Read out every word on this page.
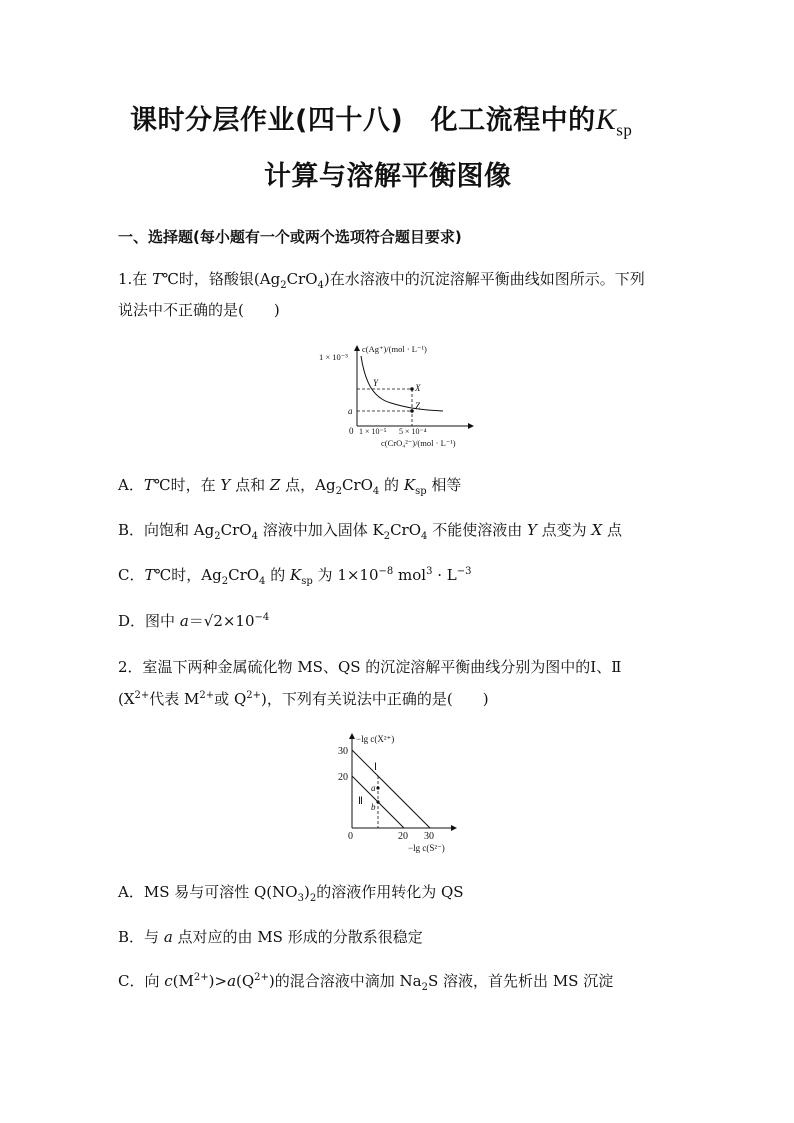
课时分层作业(四十八)　化工流程中的$K_{sp}$
计算与溶解平衡图像
一、选择题(每小题有一个或两个选项符合题目要求)
1.在 T℃时，铬酸银$(Ag_2CrO_4)$在水溶液中的沉淀溶解平衡曲线如图所示。下列
说法中不正确的是(　　)
c(Ag⁺)/(mol · L⁻¹)
1 × 10⁻³
a
0 1 × 10⁻⁵ 5 × 10⁻⁴
c(CrO₄²⁻)/(mol · L⁻¹)
X
Y
Z
A．T℃时，在 Y 点和 Z 点，$Ag_2CrO_4$ 的 $K_{sp}$ 相等
B．向饱和 $Ag_2CrO_4$ 溶液中加入固体 $K_2CrO_4$ 不能使溶液由 Y 点变为 X 点
C．T℃时，$Ag_2CrO_4$ 的 $K_{sp}$ 为 $1\times 10^{-8}$ $mol^3 \cdot L^{-3}$
D．图中 $a=√2\times 10^{-4}$
2．室温下两种金属硫化物 MS、QS 的沉淀溶解平衡曲线分别为图中的Ⅰ、Ⅱ
($X^{2+}$代表 $M^{2+}$或 $Q^{2+}$)，下列有关说法中正确的是(　　)
−lg c(X²⁺)
30
20
0	20 30
−lg c(S²⁻)
Ⅰ
Ⅱ
a
b
A．MS 易与可溶性 $Q(NO_3)_2$的溶液作用转化为 QS
B．与 a 点对应的由 MS 形成的分散系很稳定
C．向 $c(M^{2+})>a(Q^{2+})$的混合溶液中滴加 $Na_2S$ 溶液，首先析出 MS 沉淀
